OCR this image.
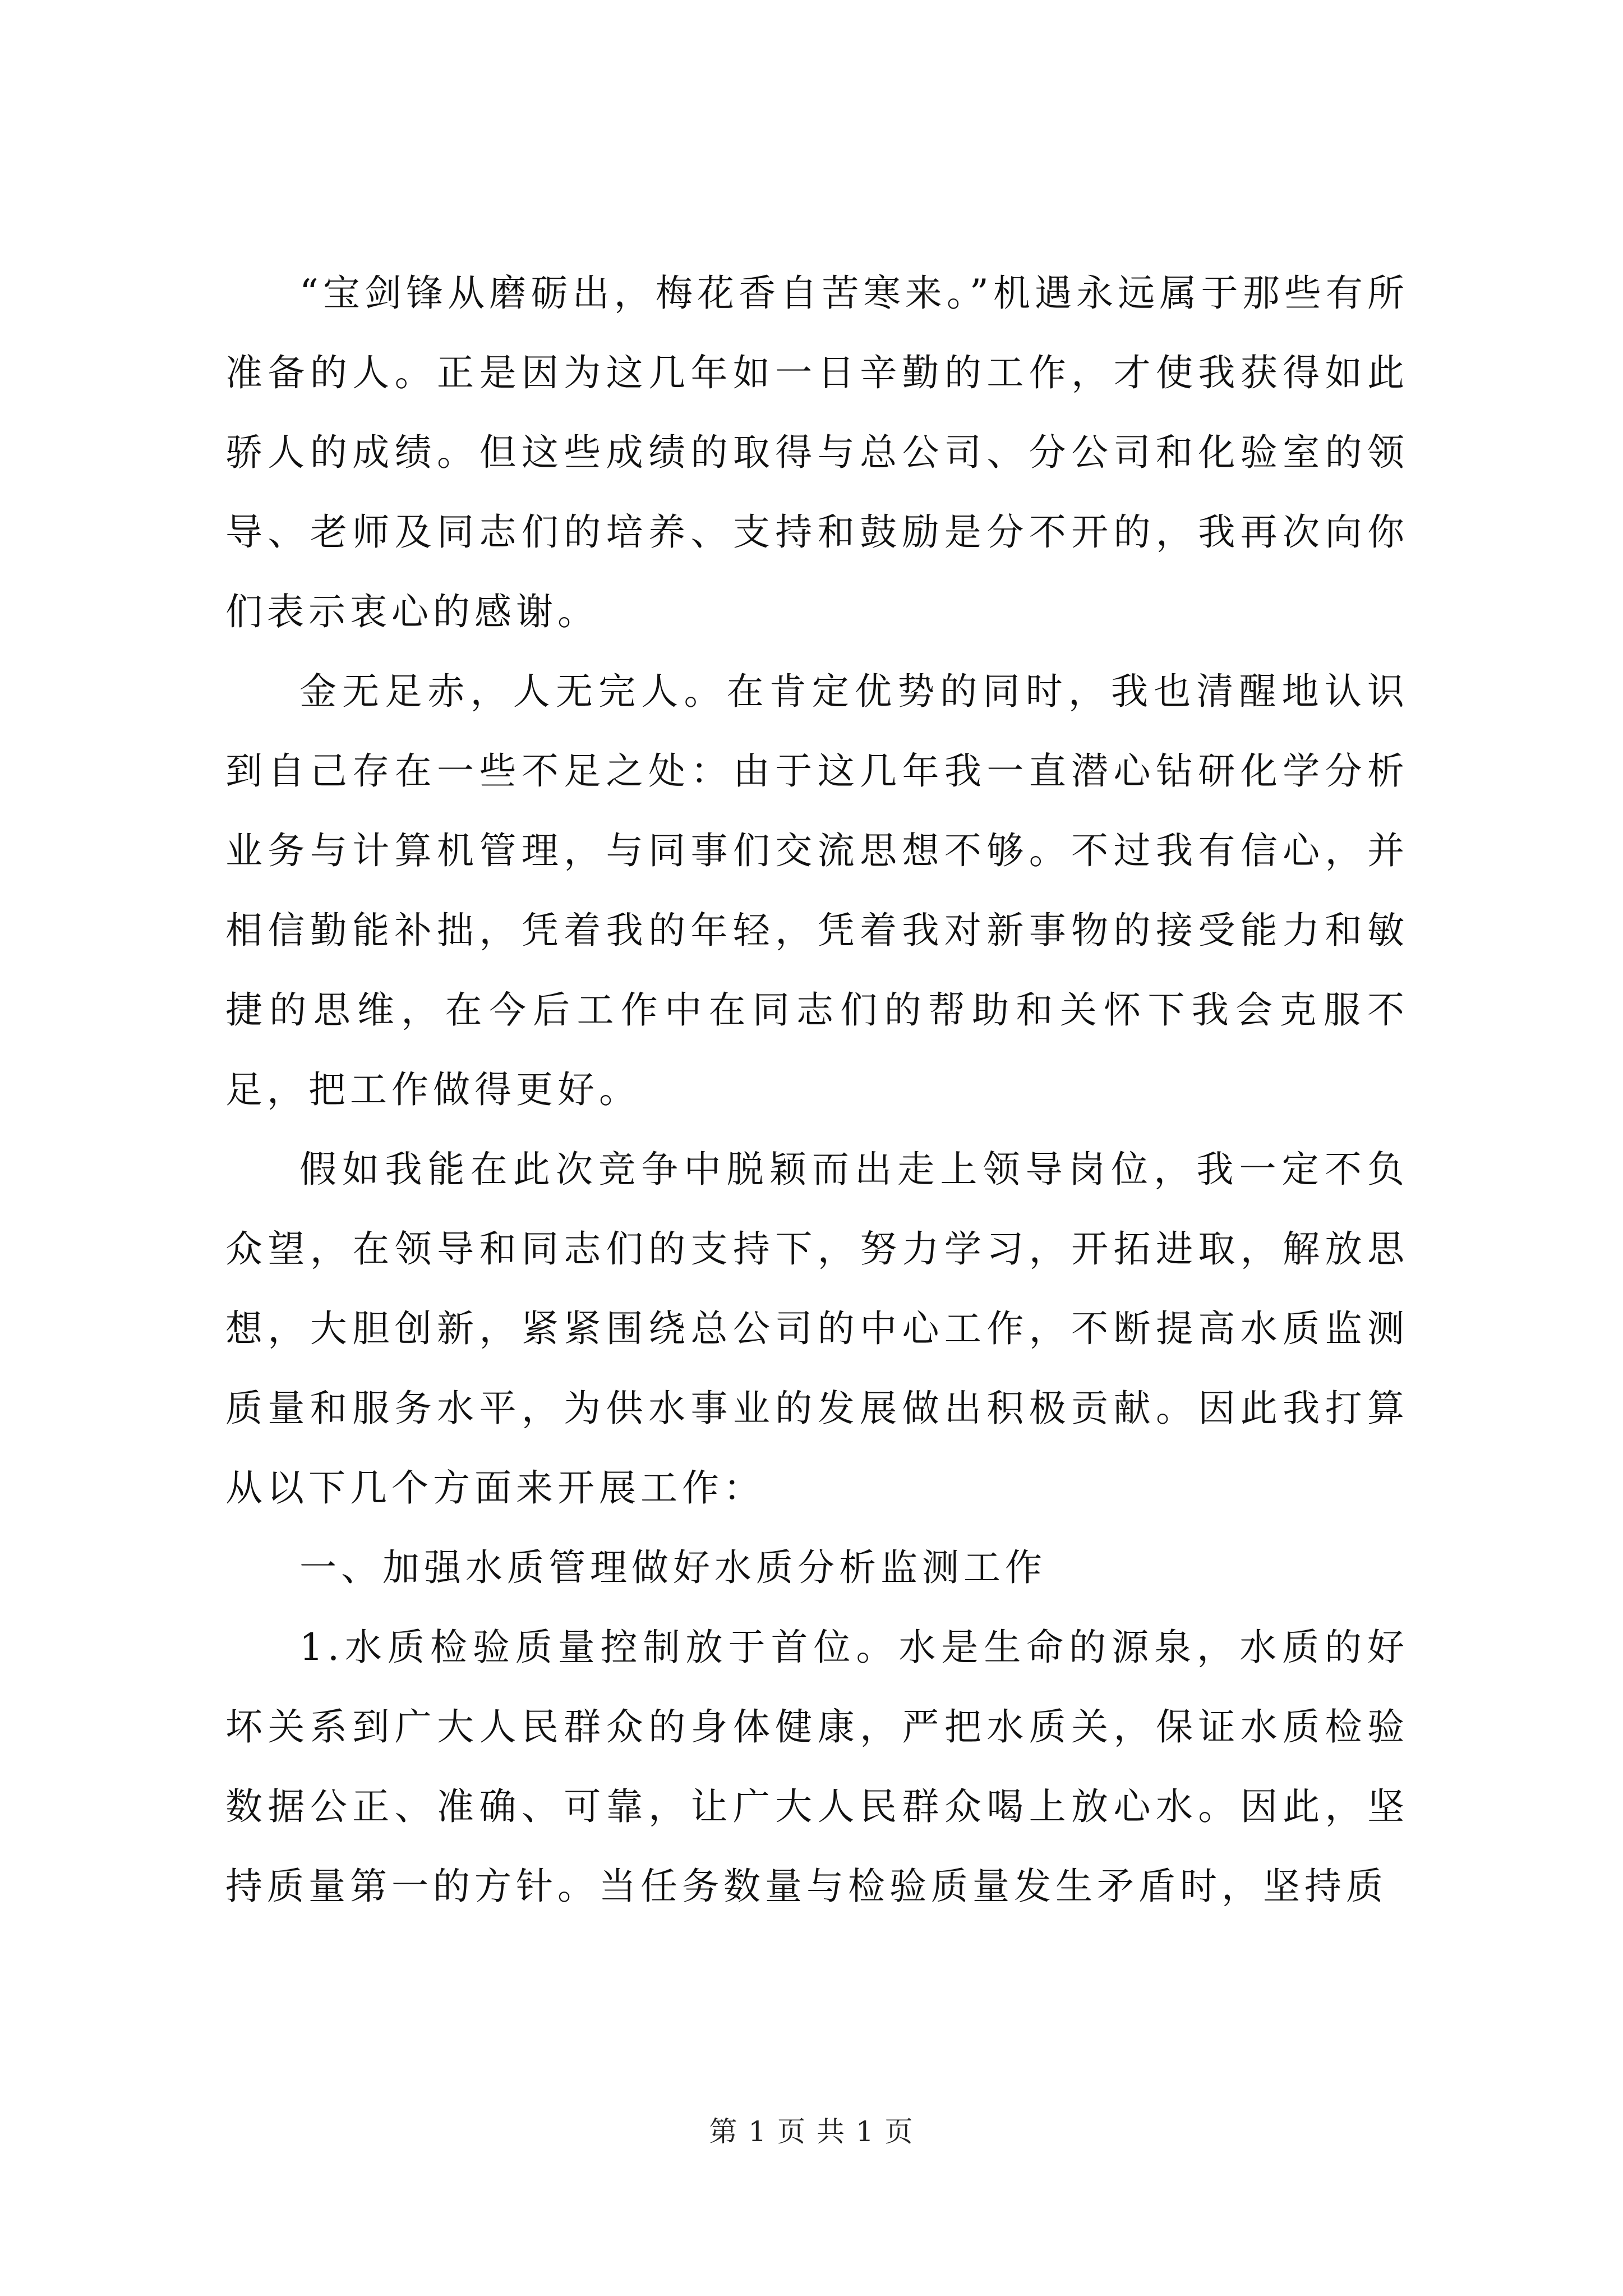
“宝剑锋从磨砺出，梅花香自苦寒来。”机遇永远属于那些有所准备的人。正是因为这几年如一日辛勤的工作，才使我获得如此骄人的成绩。但这些成绩的取得与总公司、分公司和化验室的领导、老师及同志们的培养、支持和鼓励是分不开的，我再次向你们表示衷心的感谢。

金无足赤，人无完人。在肯定优势的同时，我也清醒地认识到自己存在一些不足之处：由于这几年我一直潜心钻研化学分析业务与计算机管理，与同事们交流思想不够。不过我有信心，并相信勤能补拙，凭着我的年轻，凭着我对新事物的接受能力和敏捷的思维，在今后工作中在同志们的帮助和关怀下我会克服不足，把工作做得更好。

假如我能在此次竞争中脱颖而出走上领导岗位，我一定不负众望，在领导和同志们的支持下，努力学习，开拓进取，解放思想，大胆创新，紧紧围绕总公司的中心工作，不断提高水质监测质量和服务水平，为供水事业的发展做出积极贡献。因此我打算从以下几个方面来开展工作：

一、加强水质管理做好水质分析监测工作

1.水质检验质量控制放于首位。水是生命的源泉，水质的好坏关系到广大人民群众的身体健康，严把水质关，保证水质检验数据公正、准确、可靠，让广大人民群众喝上放心水。因此，坚持质量第一的方针。当任务数量与检验质量发生矛盾时，坚持质

第 1 页 共 1 页
